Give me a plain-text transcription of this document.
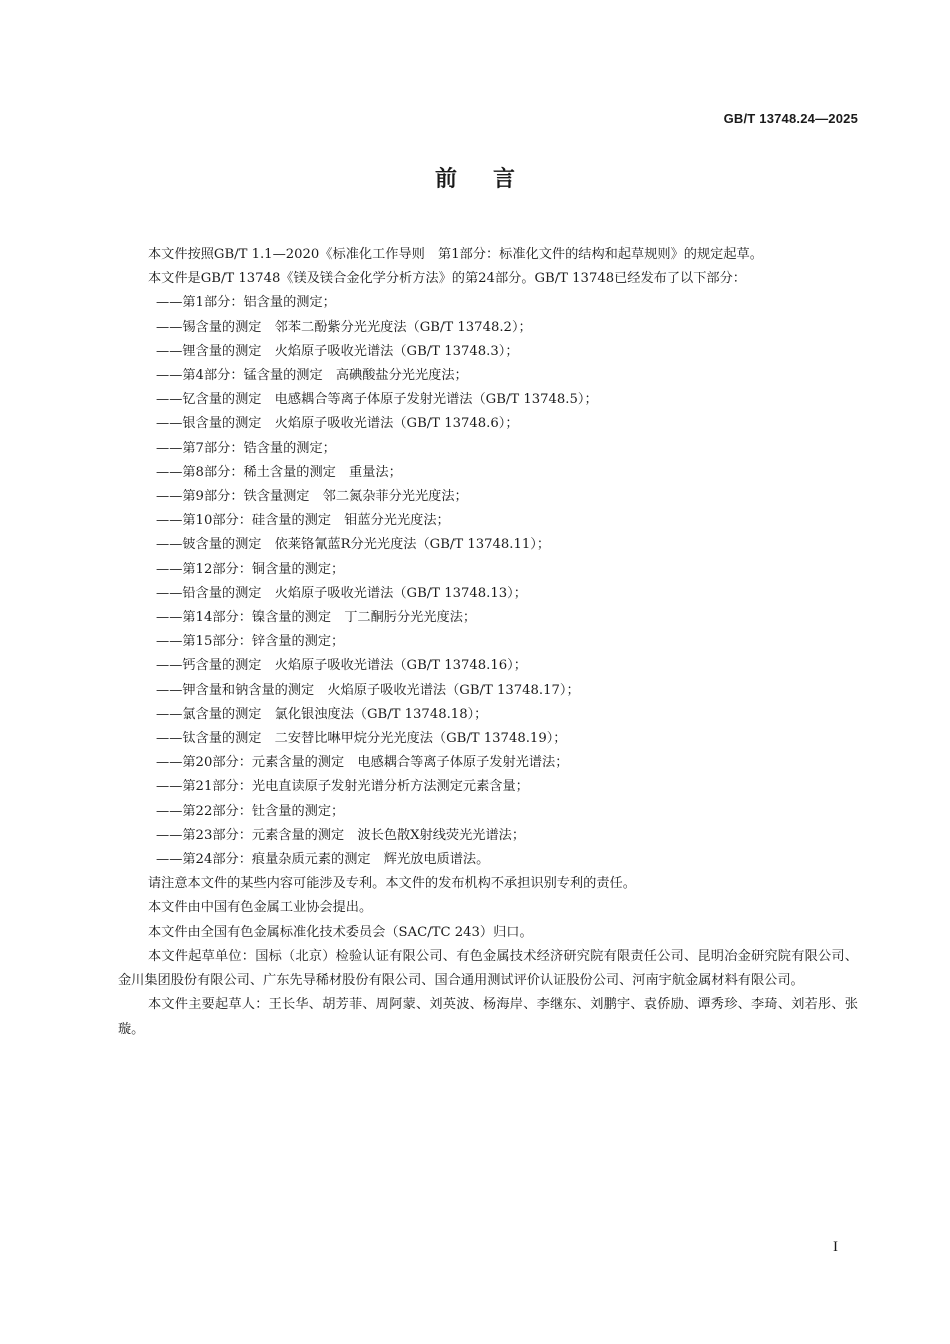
GB/T 13748.24—2025
前言

本文件按照GB/T 1.1—2020《标准化工作导则　第1部分：标准化文件的结构和起草规则》的规定起草。

本文件是GB/T 13748《镁及镁合金化学分析方法》的第24部分。GB/T 13748已经发布了以下部分：

——第1部分：铝含量的测定；

——锡含量的测定　邻苯二酚紫分光光度法（GB/T 13748.2）；

——锂含量的测定　火焰原子吸收光谱法（GB/T 13748.3）；

——第4部分：锰含量的测定　高碘酸盐分光光度法；

——钇含量的测定　电感耦合等离子体原子发射光谱法（GB/T 13748.5）；

——银含量的测定　火焰原子吸收光谱法（GB/T 13748.6）；

——第7部分：锆含量的测定；

——第8部分：稀土含量的测定　重量法；

——第9部分：铁含量测定　邻二氮杂菲分光光度法；

——第10部分：硅含量的测定　钼蓝分光光度法；

——铍含量的测定　依莱铬氰蓝R分光光度法（GB/T 13748.11）；

——第12部分：铜含量的测定；

——铅含量的测定　火焰原子吸收光谱法（GB/T 13748.13）；

——第14部分：镍含量的测定　丁二酮肟分光光度法；

——第15部分：锌含量的测定；

——钙含量的测定　火焰原子吸收光谱法（GB/T 13748.16）；

——钾含量和钠含量的测定　火焰原子吸收光谱法（GB/T 13748.17）；

——氯含量的测定　氯化银浊度法（GB/T 13748.18）；

——钛含量的测定　二安替比啉甲烷分光光度法（GB/T 13748.19）；

——第20部分：元素含量的测定　电感耦合等离子体原子发射光谱法；

——第21部分：光电直读原子发射光谱分析方法测定元素含量；

——第22部分：钍含量的测定；

——第23部分：元素含量的测定　波长色散X射线荧光光谱法；

——第24部分：痕量杂质元素的测定　辉光放电质谱法。

请注意本文件的某些内容可能涉及专利。本文件的发布机构不承担识别专利的责任。

本文件由中国有色金属工业协会提出。

本文件由全国有色金属标准化技术委员会（SAC/TC 243）归口。

本文件起草单位：国标（北京）检验认证有限公司、有色金属技术经济研究院有限责任公司、昆明冶金研究院有限公司、金川集团股份有限公司、广东先导稀材股份有限公司、国合通用测试评价认证股份公司、河南宇航金属材料有限公司。

本文件主要起草人：王长华、胡芳菲、周阿蒙、刘英波、杨海岸、李继东、刘鹏宇、袁侨励、谭秀珍、李琦、刘若彤、张璇。

I
